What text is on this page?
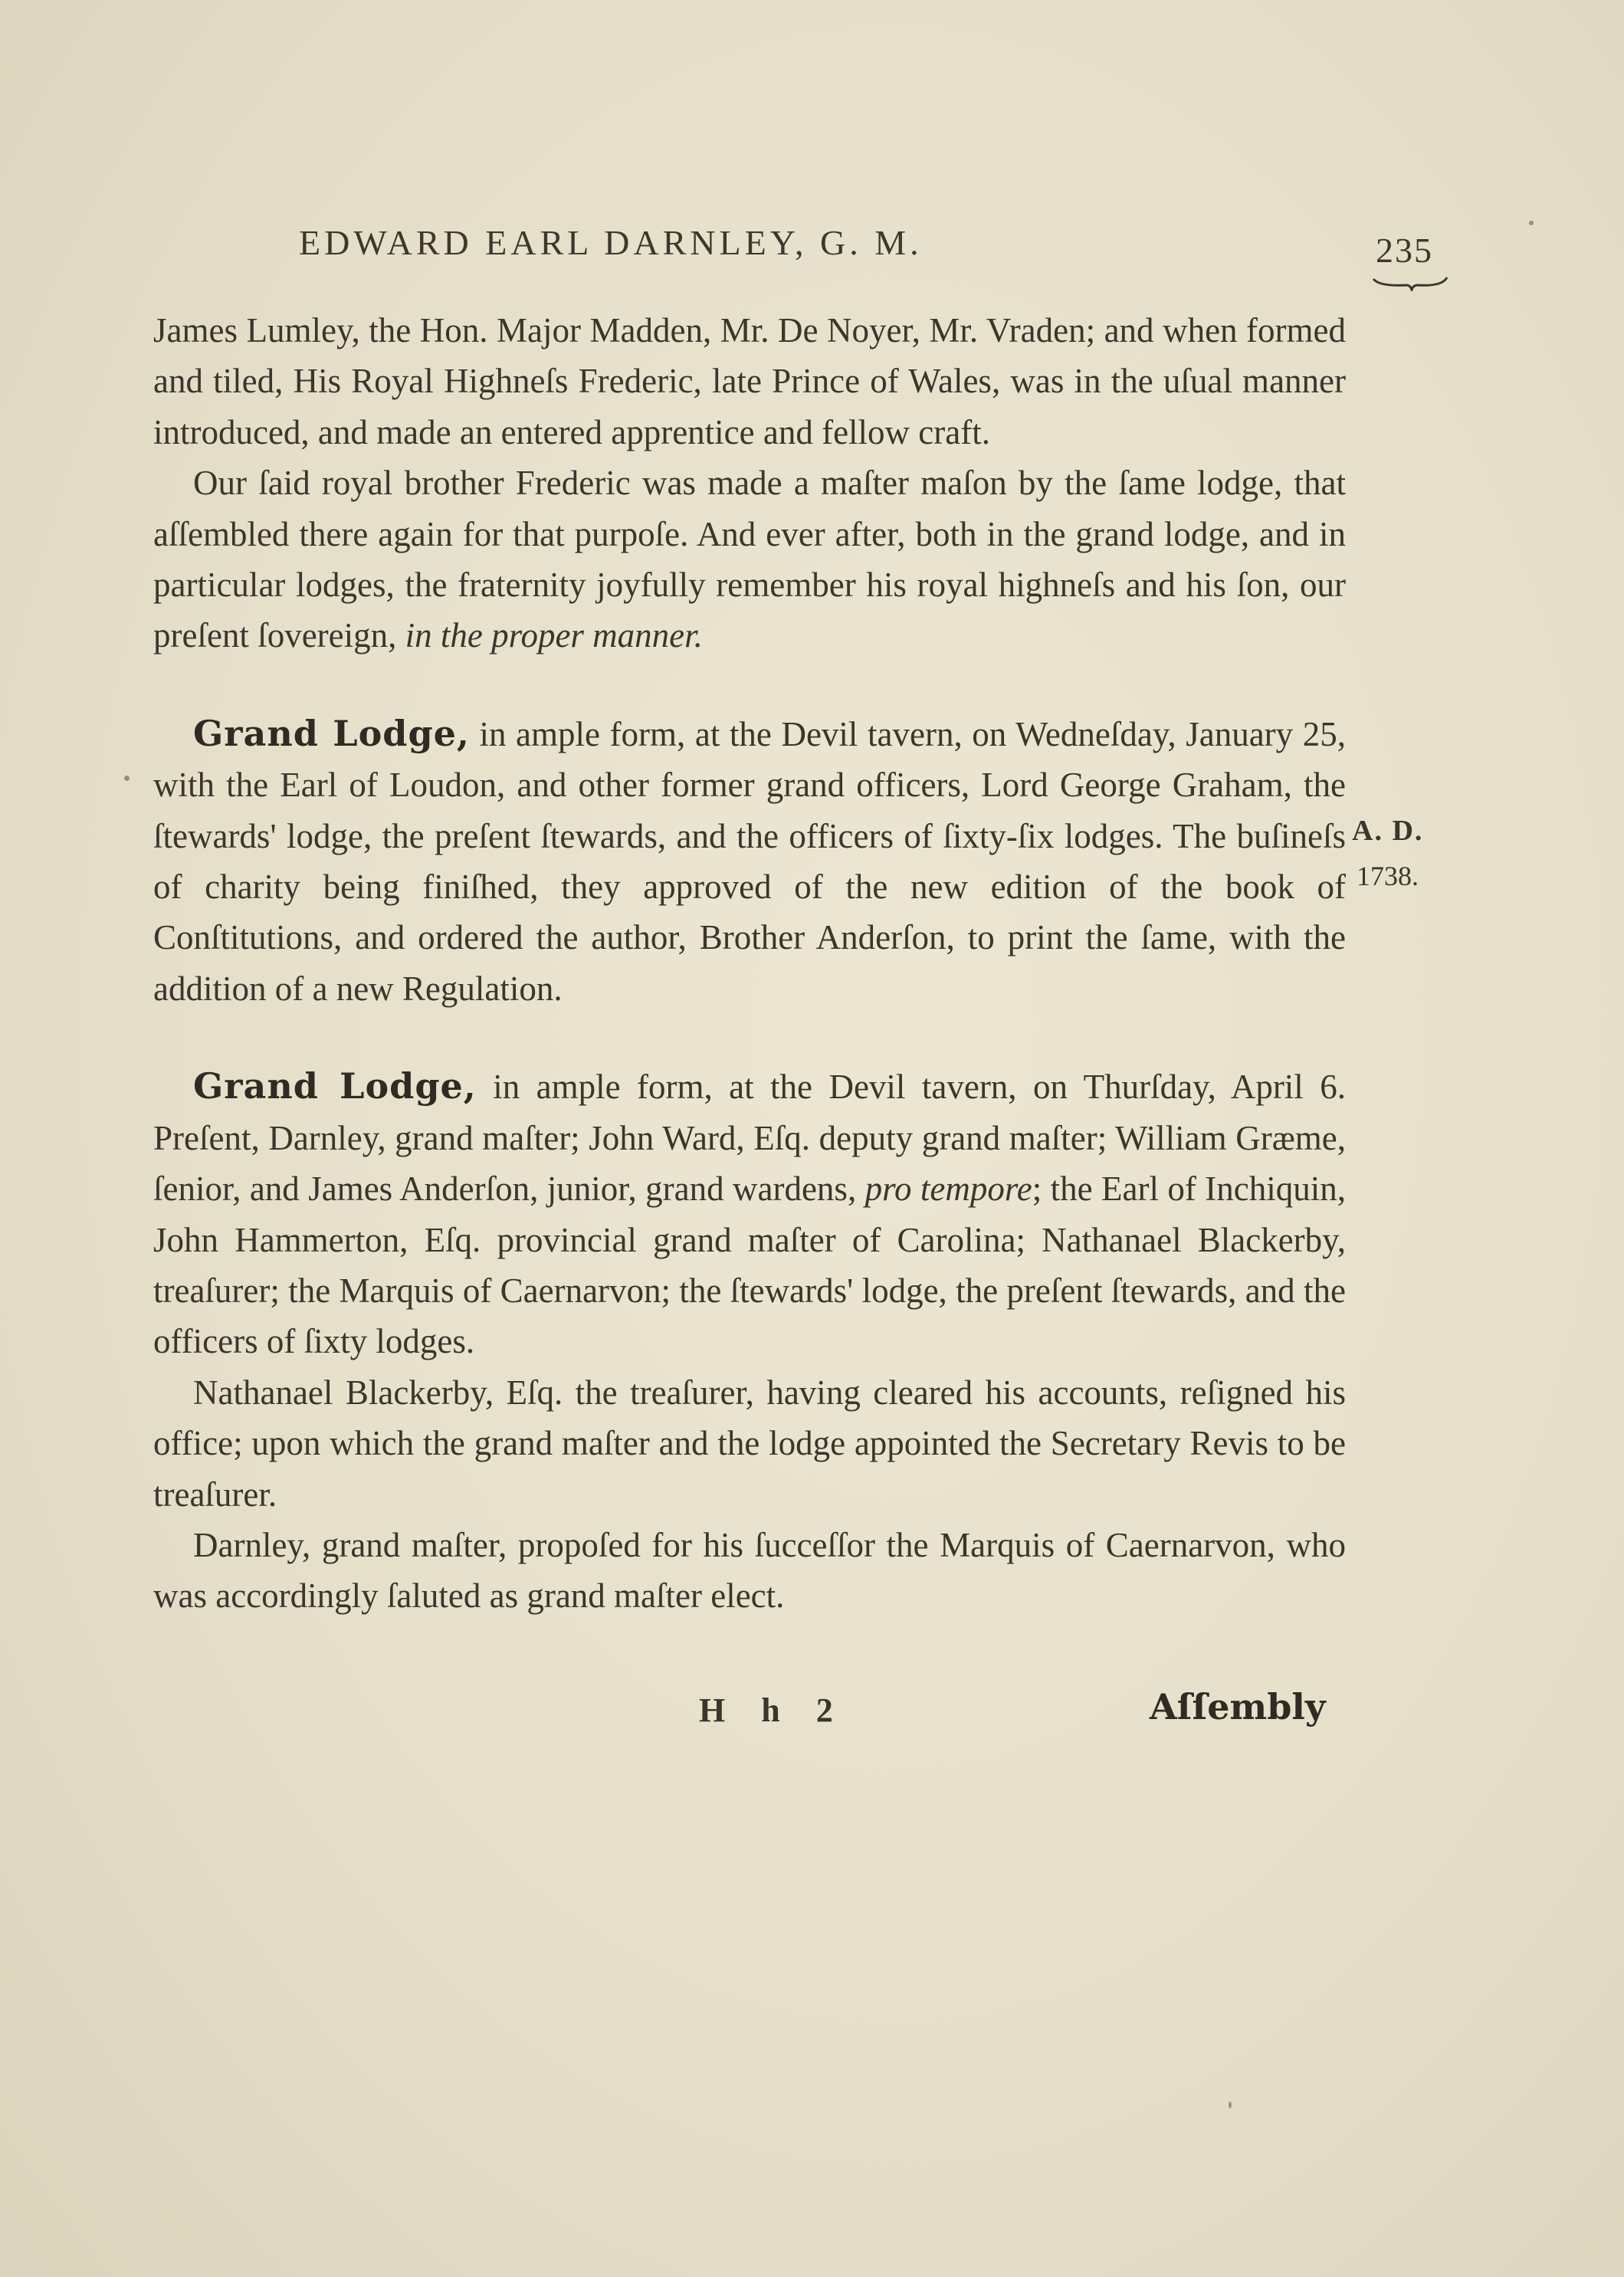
EDWARD EARL DARNLEY, G. M.	235

James Lumley, the Hon. Major Madden, Mr. De Noyer, Mr. Vraden; and when formed and tiled, His Royal Highneſs Frederic, late Prince of Wales, was in the uſual manner introduced, and made an entered apprentice and fellow craft.

Our ſaid royal brother Frederic was made a maſter maſon by the ſame lodge, that aſſembled there again for that purpoſe. And ever after, both in the grand lodge, and in particular lodges, the fraternity joyfully remember his royal highneſs and his ſon, our preſent ſovereign, in the proper manner.

Grand Lodge, in ample form, at the Devil tavern, on Wedneſday, January 25, with the Earl of Loudon, and other former grand officers, Lord George Graham, the ſtewards' lodge, the preſent ſtewards, and the officers of ſixty-ſix lodges. The buſineſs of charity being finiſhed, they approved of the new edition of the book of Conſtitutions, and ordered the author, Brother Anderſon, to print the ſame, with the addition of a new Regulation.

Grand Lodge, in ample form, at the Devil tavern, on Thurſday, April 6. Preſent, Darnley, grand maſter; John Ward, Eſq. deputy grand maſter; William Græme, ſenior, and James Anderſon, junior, grand wardens, pro tempore; the Earl of Inchiquin, John Hammerton, Eſq. provincial grand maſter of Carolina; Nathanael Blackerby, treaſurer; the Marquis of Caernarvon; the ſtewards' lodge, the preſent ſtewards, and the officers of ſixty lodges.

Nathanael Blackerby, Eſq. the treaſurer, having cleared his accounts, reſigned his office; upon which the grand maſter and the lodge appointed the Secretary Revis to be treaſurer.

Darnley, grand maſter, propoſed for his ſucceſſor the Marquis of Caernarvon, who was accordingly ſaluted as grand maſter elect.

A. D.
1738.
H h 2	Aſſembly
